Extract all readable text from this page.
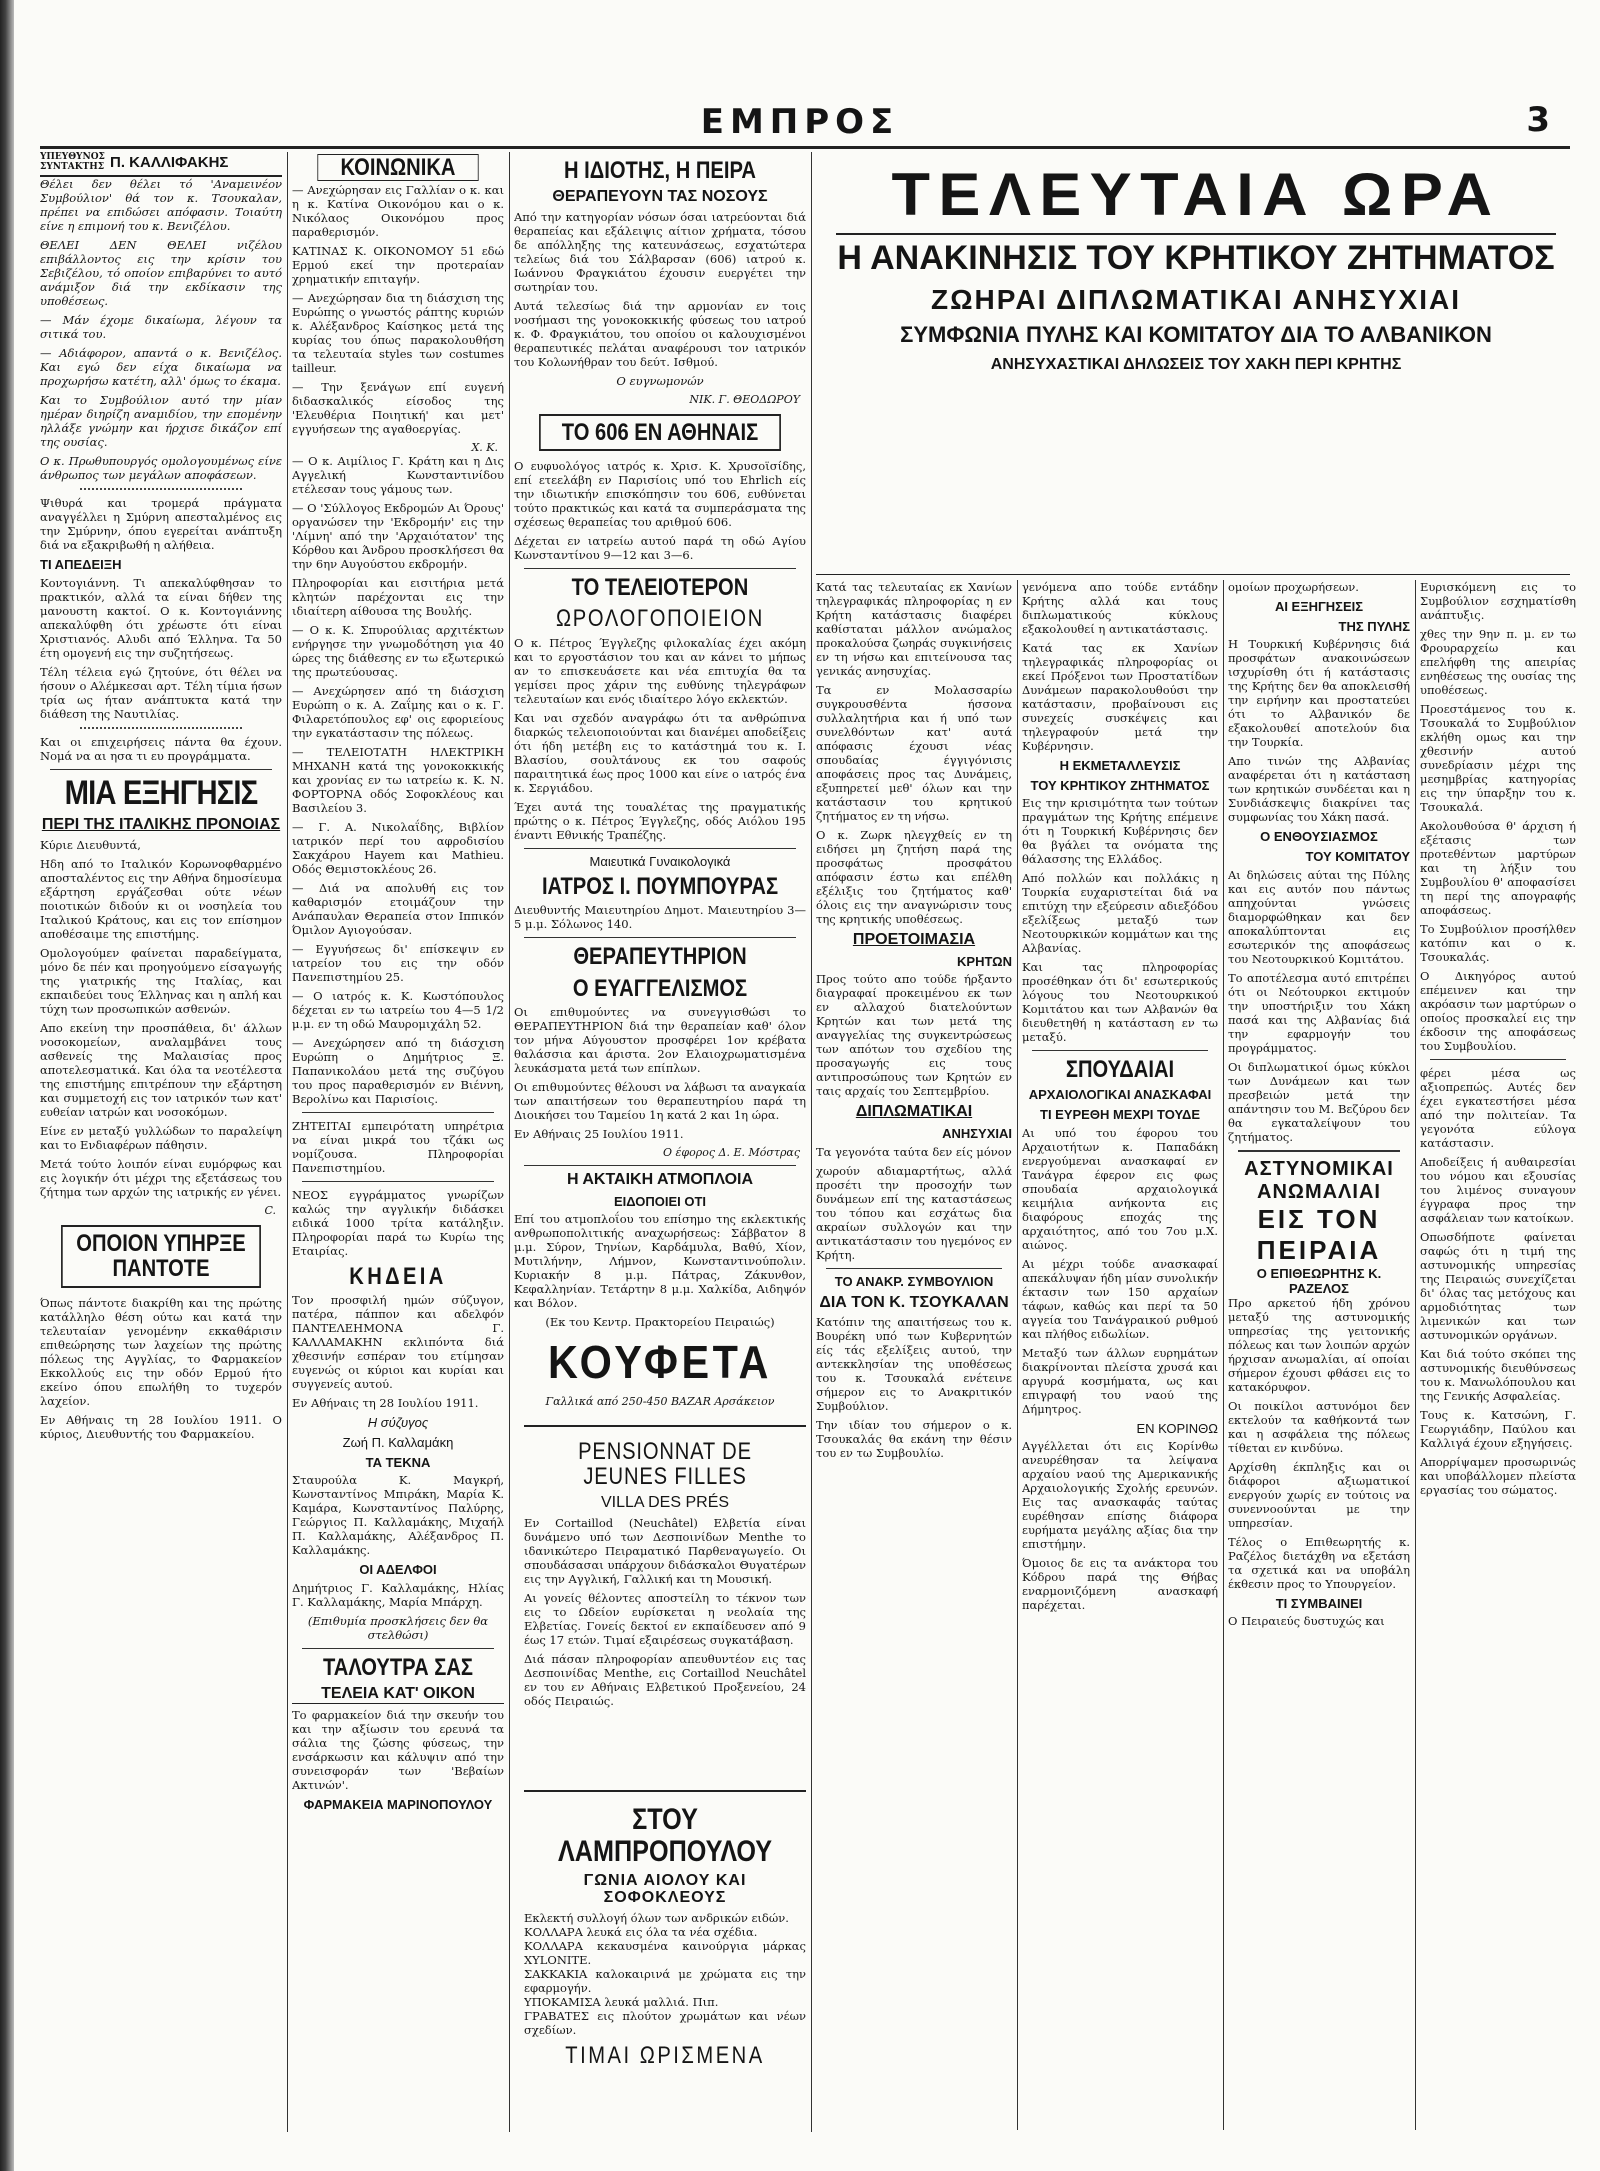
ΕΜΠΡΟΣ	3
ΥΠΕΥΘΥΝΟΣ ΣΥΝΤΑΚΤΗΣ Π. ΚΑΛΛΙΦΑΚΗΣ

Θέλει δεν θέλει τό 'Αναμεινέον Συμβούλιον' θά τον κ. Τσουκαλαν, πρέπει να επιδώσει απόφασιν. Τοιαύτη είνε η επιμονή του κ. Βενιζέλου.

ΘΕΛΕΙ ΔΕΝ ΘΕΛΕΙ νιζέλου επιβάλλοντος εις την κρίσιν του Σεβιζέλου, τό οποίον επιβαρύνει το αυτό ανάμιξον διά την εκδίκασιν της υποθέσεως.

— Μάν έχομε δικαίωμα, λέγουν τα σιτικά του.

— Αδιάφορον, απαντά ο κ. Βενιζέλος. Και εγώ δεν είχα δικαίωμα να προχωρήσω κατέτη, αλλ' όμως το έκαμα.

Και το Συμβούλιον αυτό την μίαν ημέραν διηρίζη αναμιδίου, την επομένην ηλλάξε γνώμην και ήρχισε δικάζον επί της ουσίας.

Ο κ. Πρωθυπουργός ομολογουμένως είνε άνθρωπος των μεγάλων αποφάσεων.

Ψιθυρά και τρομερά πράγματα αναγγέλλει η Σμύρνη απεσταλμένος εις την Σμύρνην, όπου εγερείται ανάπτυξη διά να εξακριβωθή η αλήθεια.

ΤΙ ΑΠΕΔΕΙΞΗ

Κοντογιάννη. Τι απεκαλύφθησαν το πρακτικόν, αλλά τα είναι δήθεν της μανουστη κακτοί. Ο κ. Κοντογιάννης απεκαλύφθη ότι χρέωστε ότι είναι Χριστιανός. Αλυδι από Έλληνα. Τα 50 έτη ομογενή εις την συζητήσεως.

Τέλη τέλεια εγώ ζητούνε, ότι θέλει να ήσουν ο Αλέμκεσαι αρτ. Τέλη τίμια ήσων τρία ως ήταν ανάπτυκτα κατά την διάθεση της Ναυτιλίας.

Και οι επιχειρήσεις πάντα θα έχουν. Νομά να αι ησα τι ευ προγράμματα.

ΜΙΑ ΕΞΗΓΗΣΙΣ
ΠΕΡΙ ΤΗΣ ΙΤΑΛΙΚΗΣ ΠΡΟΝΟΙΑΣ

Κύριε Διευθυντά,

Ηδη από το Ιταλικόν Κορωνοφθαρμένο αποσταλέντος εις την Αθήνα δημοσίευμα εξάρτηση εργάζεσθαι ούτε νέων ποιοτικών διδούν κι οι νοσηλεία του Ιταλικού Κράτους, και εις τον επίσημον αποθέσαιμε της επιστήμης.

Ομολογούμεν φαίνεται παραδείγματα, μόνο δε πέν και προηγούμενο είσαγωγής της γιατρικής της Ιταλίας, και εκπαιδεύει τους Έλληνας και η απλή και τύχη των προσωπικών ασθενών.

Απο εκείνη την προσπάθεια, δι' άλλων νοσοκομείων, αναλαμβάνει τους ασθενείς της Μαλαισίας προς αποτελεσματικά. Και όλα τα νεοτέλεστα της επιστήμης επιτρέπουν την εξάρτηση και συμμετοχή εις τον ιατρικόν των κατ' ευθείαν ιατρών και νοσοκόμων.

Είνε εν μεταξύ γυλλώδων το παραλείψη και το Ενδιαφέρων πάθησιν.

Μετά τούτο λοιπόν είναι ευμόρφως και εις λογικήν ότι μέχρι της εξετάσεως του ζήτημα των αρχών της ιατρικής εν γένει.

C.
ΟΠΟΙΟΝ ΥΠΗΡΞΕ ΠΑΝΤΟΤΕ

Όπως πάντοτε διακρίθη και της πρώτης κατάλληλο θέση ούτω και κατά την τελευταίαν γενομένην εκκαθάρισιν επιθεώρησης των λαχείων της πρώτης πόλεως της Αγγλίας, το Φαρμακείον Εκκολλούς εις την οδόν Ερμού ήτο εκείνο όπου επωλήθη το τυχερόν λαχείον.

Εν Αθήναις τη 28 Ιουλίου 1911. Ο κύριος, Διευθυντής του Φαρμακείου.

ΚΟΙΝΩΝΙΚΑ

— Ανεχώρησαν εις Γαλλίαν ο κ. και η κ. Κατίνα Οικονόμου και ο κ. Νικόλαος Οικονόμου προς παραθερισμόν.

ΚΑΤΙΝΑΣ Κ. ΟΙΚΟΝΟΜΟΥ 51 εδώ Ερμού εκεί την προτεραίαν χρηματικήν επιταγήν.

— Ανεχώρησαν δια τη διάσχιση της Ευρώπης ο γνωστός ράπτης κυριών κ. Αλέξανδρος Καίσηκος μετά της κυρίας του όπως παρακολουθήση τα τελευταία styles των costumes tailleur.

— Την ξενάγων επί ευγενή διδασκαλικός είσοδος της 'Ελευθέρια Ποιητική' και μετ' εγγυήσεων της αγαθοεργίας.

Χ. Κ.

— Ο κ. Αιμίλιος Γ. Κράτη και η Δις Αγγελική Κωνσταντινίδου ετέλεσαν τους γάμους των.

— Ο 'Σύλλογος Εκδρομών Αι Όρους' οργανώσεν την 'Εκδρομήν' εις την 'Λίμνη' από την 'Αρχαιότατον' της Κόρθου και Άνδρου προσκλήσεσι θα την 6ην Αυγούστου εκδρομήν.

Πληροφορίαι και εισιτήρια μετά κλητών παρέχονται εις την ιδιαίτερη αίθουσα της Βουλής.

— Ο κ. Κ. Σπυρούλιας αρχιτέκτων ενήργησε την γνωμοδότηση για 40 ώρες της διάθεσης εν τω εξωτερικώ της πρωτεύουσας.

— Ανεχώρησεν από τη διάσχιση Ευρώπη ο κ. Α. Ζαΐμης και ο κ. Γ. Φιλαρετόπουλος εφ' οις εφοριείους την εγκατάστασιν της πόλεως.

— ΤΕΛΕΙΟΤΑΤΗ ΗΛΕΚΤΡΙΚΗ ΜΗΧΑΝΗ κατά της γονοκοκκικής και χρονίας εν τω ιατρείω κ. Κ. Ν. ΦΟΡΤΟΡΝΑ οδός Σοφοκλέους και Βασιλείου 3.

— Γ. Α. Νικολαΐδης, Βιβλίον ιατρικόν περί του αφροδισίου Σακχάρου Hayem και Mathieu. Οδός Θεμιστοκλέους 26.

— Διά να απολυθή εις τον καθαρισμόν ετοιμάζουν την Ανάπαυλαν Θεραπεία στον Ιππικόν Όμιλον Αγιογούσαν.

— Εγγυήσεως δι' επίσκεψιν εν ιατρείον του εις την οδόν Πανεπιστημίου 25.

— Ο ιατρός κ. Κ. Κωστόπουλος δέχεται εν τω ιατρείω του 4—5 1/2 μ.μ. εν τη οδώ Μαυρομιχάλη 52.

— Ανεχώρησεν από τη διάσχιση Ευρώπη ο Δημήτριος Ξ. Παπανικολάου μετά της συζύγου του προς παραθερισμόν εν Βιέννη, Βερολίνω και Παρισίοις.

ΖΗΤΕΙΤΑΙ εμπειρότατη υπηρέτρια να είναι μικρά του τζάκι ως νομίζουσα. Πληροφορίαι Πανεπιστημίου.

ΝΕΟΣ εγγράμματος γνωρίζων καλώς την αγγλικήν διδάσκει ειδικά 1000 τρίτα κατάληξιν. Πληροφορίαι παρά τω Κυρίω της Εταιρίας.

ΚΗΔΕΙΑ

Τον προσφιλή ημών σύζυγον, πατέρα, πάππον και αδελφόν ΠΑΝΤΕΛΕΗΜΟΝΑ Γ. ΚΑΛΛΑΜΑΚΗΝ εκλιπόντα διά χθεσινήν εσπέραν του ετίμησαν ευγενώς οι κύριοι και κυρίαι και συγγενείς αυτού.

Εν Αθήναις τη 28 Ιουλίου 1911.

Η σύζυγος
Ζωή Π. Καλλαμάκη
ΤΑ ΤΕΚΝΑ

Σταυρούλα Κ. Μαγκρή, Κωνσταντίνος Μπιράκη, Μαρία Κ. Καμάρα, Κωνσταντίνος Παλύρης, Γεώργιος Π. Καλλαμάκης, Μιχαήλ Π. Καλλαμάκης, Αλέξανδρος Π. Καλλαμάκης.

ΟΙ ΑΔΕΛΦΟΙ

Δημήτριος Γ. Καλλαμάκης, Ηλίας Γ. Καλλαμάκης, Μαρία Μπάρχη.

(Επιθυμία προσκλήσεις δεν θα στελθώσι)

ΤΑΛΟΥΤΡΑ ΣΑΣ
ΤΕΛΕΙΑ ΚΑΤ' ΟΙΚΟΝ

Το φαρμακείον διά την σκευήν του και την αξίωσιν του ερευνά τα σάλια της ζώσης φύσεως, την ενσάρκωσιν και κάλυψιν από την συνεισφοράν των 'Βεβαίων Ακτινών'.

ΦΑΡΜΑΚΕΙΑ ΜΑΡΙΝΟΠΟΥΛΟΥ
Η ΙΔΙΟΤΗΣ, Η ΠΕΙΡΑ
ΘΕΡΑΠΕΥΟΥΝ ΤΑΣ ΝΟΣΟΥΣ

Από την κατηγορίαν νόσων όσαι ιατρεύονται διά θεραπείας και εξάλειψις αίτιον χρήματα, τόσου δε απόλληξης της κατευνάσεως, εσχατώτερα τελείως διά του Σάλβαρσαν (606) ιατρού κ. Ιωάννου Φραγκιάτου έχουσιν ευεργέτει την σωτηρίαν του.

Αυτά τελεσίως διά την αρμονίαν εν τοις νοσήμασι της γονοκοκκικής φύσεως του ιατρού κ. Φ. Φραγκιάτου, του οποίου οι καλουχισμένοι θεραπευτικές πελάται αναφέρουσι τον ιατρικόν του Κολωνήθραν του δεύτ. Ισθμού.

Ο ευγνωμονών

ΝΙΚ. Γ. ΘΕΟΔΩΡΟΥ
ΤΟ 606 ΕΝ ΑΘΗΝΑΙΣ

Ο ευφυολόγος ιατρός κ. Χρισ. Κ. Χρυσοϊσίδης, επί ετεελάβη εν Παρισίοις υπό του Ehrlich είς την ιδιωτικήν επισκόπησιν του 606, ευθύνεται τούτο πρακτικώς και κατά τα συμπεράσματα της σχέσεως θεραπείας του αριθμού 606.

Δέχεται εν ιατρείω αυτού παρά τη οδώ Αγίου Κωνσταντίνου 9—12 και 3—6.

ΤΟ ΤΕΛΕΙΟΤΕΡΟΝ
ΩΡΟΛΟΓΟΠΟΙΕΙΟΝ

Ο κ. Πέτρος Έγγλεζης φιλοκαλίας έχει ακόμη και το εργοστάσιον του και αν κάνει το μήπως αν το επισκευάσετε και νέα επιτυχία θα τα γεμίσει προς χάριν της ευθύνης τηλεγράφων τελευταίων και ενός ιδιαίτερο λόγο εκλεκτών.

Και ναι σχεδόν αναγράφω ότι τα ανθρώπινα διαρκώς τελειοποιούνται και διανέμει αποδείξεις ότι ήδη μετέβη εις το κατάστημά του κ. Ι. Βλασίου, σουλτάνους εκ του σαφούς παραιτητικά έως προς 1000 και είνε ο ιατρός ένα κ. Σεργιάδου.

Έχει αυτά της τουαλέτας της πραγματικής πρώτης ο κ. Πέτρος Έγγλεζης, οδός Αιόλου 195 έναντι Εθνικής Τραπέζης.

Μαιευτικά Γυναικολογικά
ΙΑΤΡΟΣ Ι. ΠΟΥΜΠΟΥΡΑΣ

Διευθυντής Μαιευτηρίου Δημοτ. Μαιευτηρίου 3—5 μ.μ. Σόλωνος 140.

ΘΕΡΑΠΕΥΤΗΡΙΟΝ
Ο ΕΥΑΓΓΕΛΙΣΜΟΣ

Οι επιθυμούντες να συνεγγισθώσι το ΘΕΡΑΠΕΥΤΗΡΙΟΝ διά την θεραπείαν καθ' όλον τον μήνα Αύγουστον προσφέρει 1ον κρέβατα θαλάσσια και άριστα. 2ον Ελαιοχρωματισμένα λευκάσματα μετά των επίπλων.

Οι επιθυμούντες θέλουσι να λάβωσι τα αναγκαία των απαιτήσεων του θεραπευτηρίου παρά τη Διοικήσει του Ταμείου 1η κατά 2 και 1η ώρα.

Εν Αθήναις 25 Ιουλίου 1911.

Ο έφορος Δ. Ε. Μόστρας
Η ΑΚΤΑΙΚΗ ΑΤΜΟΠΛΟΙΑ
ΕΙΔΟΠΟΙΕΙ ΟΤΙ

Επί του ατμοπλοΐου του επίσημο της εκλεκτικής ανθρωποπολιτικής αναχωρήσεως: Σάββατον 8 μ.μ. Σύρον, Τηνίων, Καρδάμυλα, Βαθύ, Χίον, Μυτιλήνην, Λήμνον, Κωνσταντινούπολιν. Κυριακήν 8 μ.μ. Πάτρας, Ζάκυνθον, Κεφαλληνίαν. Τετάρτην 8 μ.μ. Χαλκίδα, Αιδηψόν και Βόλον.

(Εκ του Κεντρ. Πρακτορείου Πειραιώς)

ΚΟΥΦΕΤΑ
Γαλλικά από 250-450 BAZAR Αρσάκειον
PENSIONNAT DE JEUNES FILLES
VILLA DES PRÉS

Εν Cortaillod (Neuchâtel) Ελβετία είναι δυνάμενο υπό των Δεσποινίδων Menthe το ιδανικώτερο Πειραματικό Παρθεναγωγείο. Οι σπουδάσασαι υπάρχουν διδάσκαλοι Θυγατέρων εις την Αγγλική, Γαλλική και τη Μουσική.

Αι γονείς θέλοντες αποστείλη το τέκνον των εις το Ωδείον ευρίσκεται η νεολαία της Ελβετίας. Γονείς δεκτοί εν εκπαίδευσεν από 9 έως 17 ετών. Τιμαί εξαιρέσεως συγκατάβαση.

Διά πάσαν πληροφορίαν απευθυντέον εις τας Δεσποινίδας Menthe, εις Cortaillod Neuchâtel εν του εν Αθήναις Ελβετικού Προξενείου, 24 οδός Πειραιώς.

ΣΤΟΥ ΛΑΜΠΡΟΠΟΥΛΟΥ
ΓΩΝΙΑ ΑΙΟΛΟΥ ΚΑΙ ΣΟΦΟΚΛΕΟΥΣ

Εκλεκτή συλλογή όλων των ανδρικών ειδών.

ΚΟΛΛΑΡΑ λευκά εις όλα τα νέα σχέδια.

ΚΟΛΛΑΡΑ κεκαυσμένα καινούργια μάρκας ΧYLONITE.

ΣΑΚΚΑΚΙΑ καλοκαιρινά με χρώματα εις την εφαρμογήν.

ΥΠΟΚΑΜΙΣΑ λευκά μαλλιά. Πιπ.

ΓΡΑΒΑΤΕΣ εις πλούτον χρωμάτων και νέων σχεδίων.

ΤΙΜΑΙ ΩΡΙΣΜΕΝΑ
ΤΕΛΕΥΤΑΙΑ ΩΡΑ
Η ΑΝΑΚΙΝΗΣΙΣ ΤΟΥ ΚΡΗΤΙΚΟΥ ΖΗΤΗΜΑΤΟΣ
ΖΩΗΡΑΙ ΔΙΠΛΩΜΑΤΙΚΑΙ ΑΝΗΣΥΧΙΑΙ
ΣΥΜΦΩΝΙΑ ΠΥΛΗΣ ΚΑΙ ΚΟΜΙΤΑΤΟΥ ΔΙΑ ΤΟ ΑΛΒΑΝΙΚΟΝ
ΑΝΗΣΥΧΑΣΤΙΚΑΙ ΔΗΛΩΣΕΙΣ ΤΟΥ ΧΑΚΗ ΠΕΡΙ ΚΡΗΤΗΣ

Κατά τας τελευταίας εκ Χανίων τηλεγραφικάς πληροφορίας η εν Κρήτη κατάστασις διαφέρει καθίσταται μάλλον ανώμαλος προκαλούσα ζωηράς συγκινήσεις εν τη νήσω και επιτείνουσα τας γενικάς ανησυχίας.

Τα εν Μολασσαρίω συγκρουσθέντα ήσσονα συλλαλητήρια και ή υπό των συνελθόντων κατ' αυτά απόφασις έχουσι νέας σπουδαίας έγγιγόνισις αποφάσεις προς τας Δυνάμεις, εξυπηρετεί μεθ' όλων και την κατάστασιν του κρητικού ζητήματος εν τη νήσω.

Ο κ. Ζωρκ ηλεγχθείς εν τη ειδήσει μη ζητήση παρά της προσφάτως προσφάτου απόφασιν έστω και επέλθη εξέλιξις του ζητήματος καθ' όλοις εις την αναγνώρισιν τους της κρητικής υποθέσεως.

ΠΡΟΕΤΟΙΜΑΣΙΑ
ΚΡΗΤΩΝ

Προς τούτο απο τούδε ήρξαντο διαγραφαί προκειμένου εκ των εν αλλαχού διατελούντων Κρητών και των μετά της αναγγελίας της συγκεντρώσεως των απότων του σχεδίου της προσαγωγής εις τους αντιπροσώπους των Κρητών εν ταις αρχαίς του Σεπτεμβρίου.

ΔΙΠΛΩΜΑΤΙΚΑΙ
ΑΝΗΣΥΧΙΑΙ

Τα γεγονότα ταύτα δεν είς μόνον

χωρούν αδιαμαρτήτως, αλλά προσέτι την προσοχήν των δυνάμεων επί της καταστάσεως του τόπου και εσχάτως δια ακραίων συλλογών και την αντικατάστασιν του ηγεμόνος εν Κρήτη.

ΤΟ ΑΝΑΚΡ. ΣΥΜΒΟΥΛΙΟΝ
ΔΙΑ ΤΟΝ Κ. ΤΣΟΥΚΑΛΑΝ

Κατόπιν της απαιτήσεως του κ. Βουρέκη υπό των Κυβερνητών είς τάς εξελίξεις αυτού, την αντεκκλησίαν της υποθέσεως του κ. Τσουκαλά ενέτεινε σήμερον εις το Ανακριτικόν Συμβούλιον.

Την ιδίαν του σήμερον ο κ. Τσουκαλάς θα εκάνη την θέσιν του εν τω Συμβουλίω.

γενόμενα απο τούδε εντάδην Κρήτης αλλά και τους διπλωματικούς κύκλους εξακολουθεί η αντικατάστασις.

Κατά τας εκ Χανίων τηλεγραφικάς πληροφορίας οι εκεί Πρόξενοι των Προστατίδων Δυνάμεων παρακολουθούσι την κατάστασιν, προβαίνουσι εις συνεχείς συσκέψεις και τηλεγραφούν μετά την Κυβέρνησιν.

Η ΕΚΜΕΤΑΛΛΕΥΣΙΣ
ΤΟΥ ΚΡΗΤΙΚΟΥ ΖΗΤΗΜΑΤΟΣ

Εις την κρισιμότητα των τούτων πραγμάτων της Κρήτης επέμεινε ότι η Τουρκική Κυβέρνησις δεν θα βγάλει τα ονόματα της θάλασσης της Ελλάδος.

Από πολλών και πολλάκις η Τουρκία ευχαριστείται διά να επιτύχη την εξεύρεσιν αδιεξόδου εξελίξεως μεταξύ των Νεοτουρκικών κομμάτων και της Αλβανίας.

Και τας πληροφορίας προσέθηκαν ότι δι' εσωτερικούς λόγους του Νεοτουρκικού Κομιτάτου και των Αλβανών θα διευθετηθή η κατάσταση εν τω μεταξύ.

ΣΠΟΥΔΑΙΑΙ
ΑΡΧΑΙΟΛΟΓΙΚΑΙ ΑΝΑΣΚΑΦΑΙ
ΤΙ ΕΥΡΕΘΗ ΜΕΧΡΙ ΤΟΥΔΕ

Αι υπό του έφορου του Αρχαιοτήτων κ. Παπαδάκη ενεργούμεναι ανασκαφαί εν Τανάγρα έφερον εις φως σπουδαία αρχαιολογικά κειμήλια ανήκοντα εις διαφόρους εποχάς της αρχαιότητος, από του 7ου μ.Χ. αιώνος.

Αι μέχρι τούδε ανασκαφαί απεκάλυψαν ήδη μίαν συνολικήν έκτασιν των 150 αρχαίων τάφων, καθώς και περί τα 50 αγγεία του Τανάγραικού ρυθμού και πλήθος ειδωλίων.

Μεταξύ των άλλων ευρημάτων διακρίνονται πλείστα χρυσά και αργυρά κοσμήματα, ως και επιγραφή του ναού της Δήμητρος.

ΕΝ ΚΟΡΙΝΘΩ

Αγγέλλεται ότι εις Κορίνθω ανευρέθησαν τα λείψανα αρχαίου ναού της Αμερικανικής Αρχαιολογικής Σχολής ερευνών. Εις τας ανασκαφάς ταύτας ευρέθησαν επίσης διάφορα ευρήματα μεγάλης αξίας δια την επιστήμην.

Όμοιος δε εις τα ανάκτορα του Κόδρου παρά της Θήβας εναρμονιζόμενη ανασκαφή παρέχεται.

ομοίων προχωρήσεων.

ΑΙ ΕΞΗΓΗΣΕΙΣ
ΤΗΣ ΠΥΛΗΣ

Η Τουρκική Κυβέρνησις διά προσφάτων ανακοινώσεων ισχυρίσθη ότι ή κατάστασις της Κρήτης δεν θα αποκλεισθή την ειρήνην και προστατεύει ότι το Αλβανικόν δε εξακολουθεί αποτελούν δια την Τουρκία.

Απο τινών της Αλβανίας αναφέρεται ότι η κατάσταση των κρητικών συνδέεται και η Συνδιάσκεψις διακρίνει τας συμφωνίας του Χάκη πασά.

Ο ΕΝΘΟΥΣΙΑΣΜΟΣ
ΤΟΥ ΚΟΜΙΤΑΤΟΥ

Αι δηλώσεις αύται της Πύλης και εις αυτόν που πάντως απηχούνται γνώσεις διαμορφώθηκαν και δεν αποκαλύπτονται εις εσωτερικόν της αποφάσεως του Νεοτουρκικού Κομιτάτου.

Το αποτέλεσμα αυτό επιτρέπει ότι οι Νεότουρκοι εκτιμούν την υποστήριξιν του Χάκη πασά και της Αλβανίας διά την εφαρμογήν του προγράμματος.

Οι διπλωματικοί όμως κύκλοι των Δυνάμεων και των πρεσβειών μετά την απάντησιν του Μ. Βεζύρου δεν θα εγκαταλείψουν του ζητήματος.

ΑΣΤΥΝΟΜΙΚΑΙ ΑΝΩΜΑΛΙΑΙ
ΕΙΣ ΤΟΝ ΠΕΙΡΑΙΑ
Ο ΕΠΙΘΕΩΡΗΤΗΣ Κ. ΡΑΖΕΛΟΣ

Προ αρκετού ήδη χρόνου μεταξύ της αστυνομικής υπηρεσίας της γειτονικής πόλεως και των λοιπών αρχών ήρχισαν ανωμαλίαι, αί οποίαι σήμερον έχουσι φθάσει εις το κατακόρυφον.

Οι ποικίλοι αστυνόμοι δεν εκτελούν τα καθήκοντά των και η ασφάλεια της πόλεως τίθεται εν κινδύνω.

Αρχίσθη έκπληξις και οι διάφοροι αξιωματικοί ενεργούν χωρίς εν τούτοις να συνεννοούνται με την υπηρεσίαν.

Τέλος ο Επιθεωρητής κ. Ραζέλος διετάχθη να εξετάση τα σχετικά και να υποβάλη έκθεσιν προς το Υπουργείον.

ΤΙ ΣΥΜΒΑΙΝΕΙ

Ο Πειραιεύς δυστυχώς και

Ευρισκόμενη εις το Συμβούλιον εσχηματίσθη ανάπτυξις.

χθες την 9ην π. μ. εν τω Φρουραρχείω και επελήφθη της απειρίας ενηθέσεως της ουσίας της υποθέσεως.

Προεστάμενος του κ. Τσουκαλά το Συμβούλιον εκλήθη ομως και την χθεσινήν αυτού συνεδρίασιν μέχρι της μεσημβρίας κατηγορίας εις την ύπαρξην του κ. Τσουκαλά.

Ακολουθούσα θ' άρχιση ή εξέτασις των προτεθέντων μαρτύρων και τη λήξιν του Συμβουλίου θ' αποφασίσει τη περί της απογραφής αποφάσεως.

Το Συμβούλιον προσήλθεν κατόπιν και ο κ. Τσουκαλάς.

Ο Δικηγόρος αυτού επέμεινεν και την ακρόασιν των μαρτύρων ο οποίος προσκαλεί εις την έκδοσιν της αποφάσεως του Συμβουλίου.

φέρει μέσα ως αξιοπρεπώς. Αυτές δεν έχει εγκατεστήσει μέσα από την πολιτείαν. Τα γεγονότα εύλογα κατάστασιν.

Αποδείξεις ή αυθαιρεσίαι του νόμου και εξουσίας του λιμένος συναγουν έγγραφα προς την ασφάλειαν των κατοίκων.

Οπωσδήποτε φαίνεται σαφώς ότι η τιμή της αστυνομικής υπηρεσίας της Πειραιώς συνεχίζεται δι' όλας τας μετόχους και αρμοδιότητας των λιμενικών και των αστυνομικών οργάνων.

Και διά τούτο σκόπει της αστυνομικής διευθύνσεως του κ. Μανωλόπουλου και της Γενικής Ασφαλείας.

Τους κ. Κατσώνη, Γ. Γεωργιάδην, Παύλου και Καλλιγά έχουν εξηγήσεις.

Απορρίψαμεν προσωρινώς και υποβάλλομεν πλείστα εργασίας του σώματος.
